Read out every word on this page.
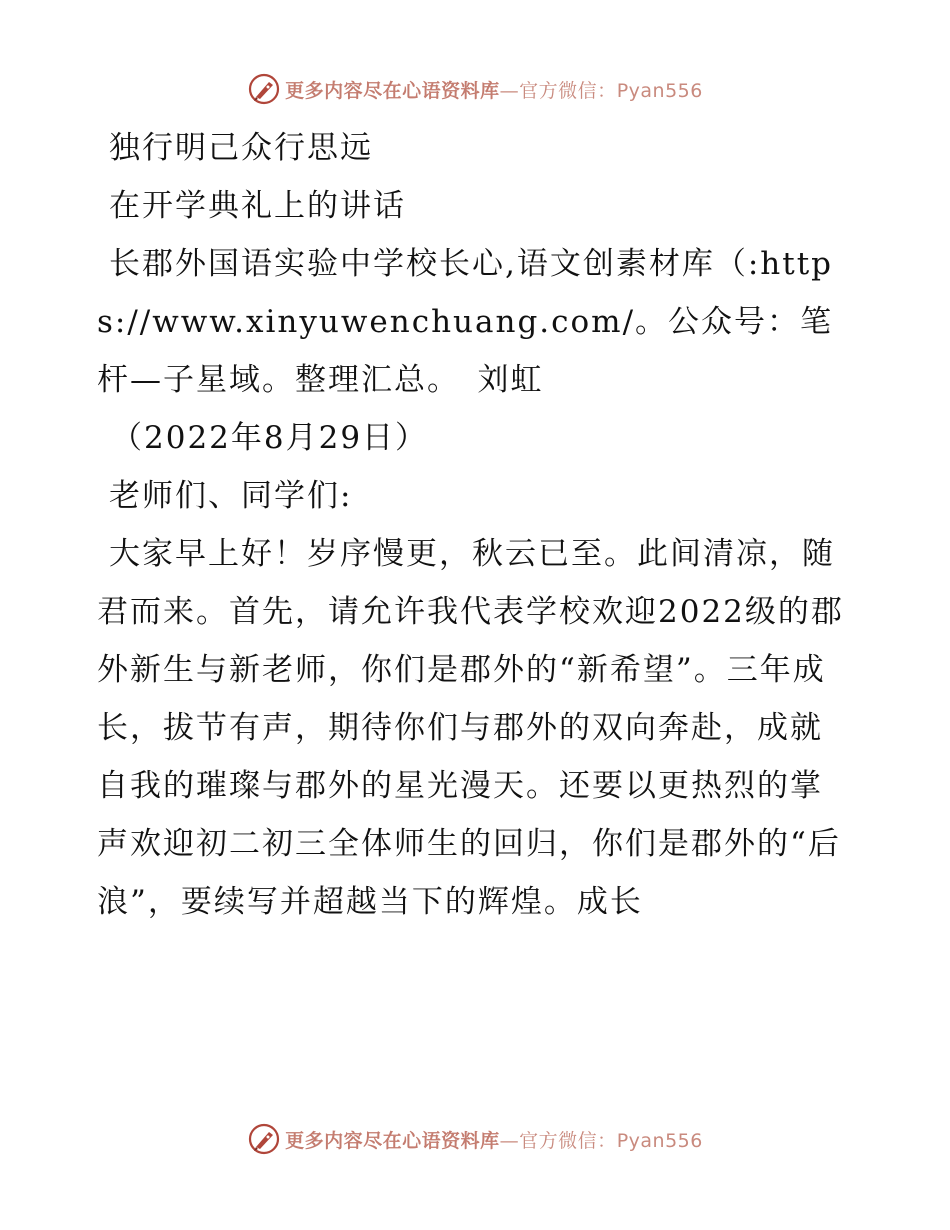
更多内容尽在心语资料库—官方微信：Pyan556

独行明己众行思远

在开学典礼上的讲话

长郡外国语实验中学校长心,语文创素材库（:https://www.xinyuwenchuang.com/。公众号：笔杆—子星域。整理汇总。　刘虹

（2022年8月29日）

老师们、同学们:

大家早上好！岁序慢更，秋云已至。此间清凉，随君而来。首先，请允许我代表学校欢迎2022级的郡外新生与新老师，你们是郡外的“新希望”。三年成长，拔节有声，期待你们与郡外的双向奔赴，成就自我的璀璨与郡外的星光漫天。还要以更热烈的掌声欢迎初二初三全体师生的回归，你们是郡外的“后浪”，要续写并超越当下的辉煌。成长

更多内容尽在心语资料库—官方微信：Pyan556
